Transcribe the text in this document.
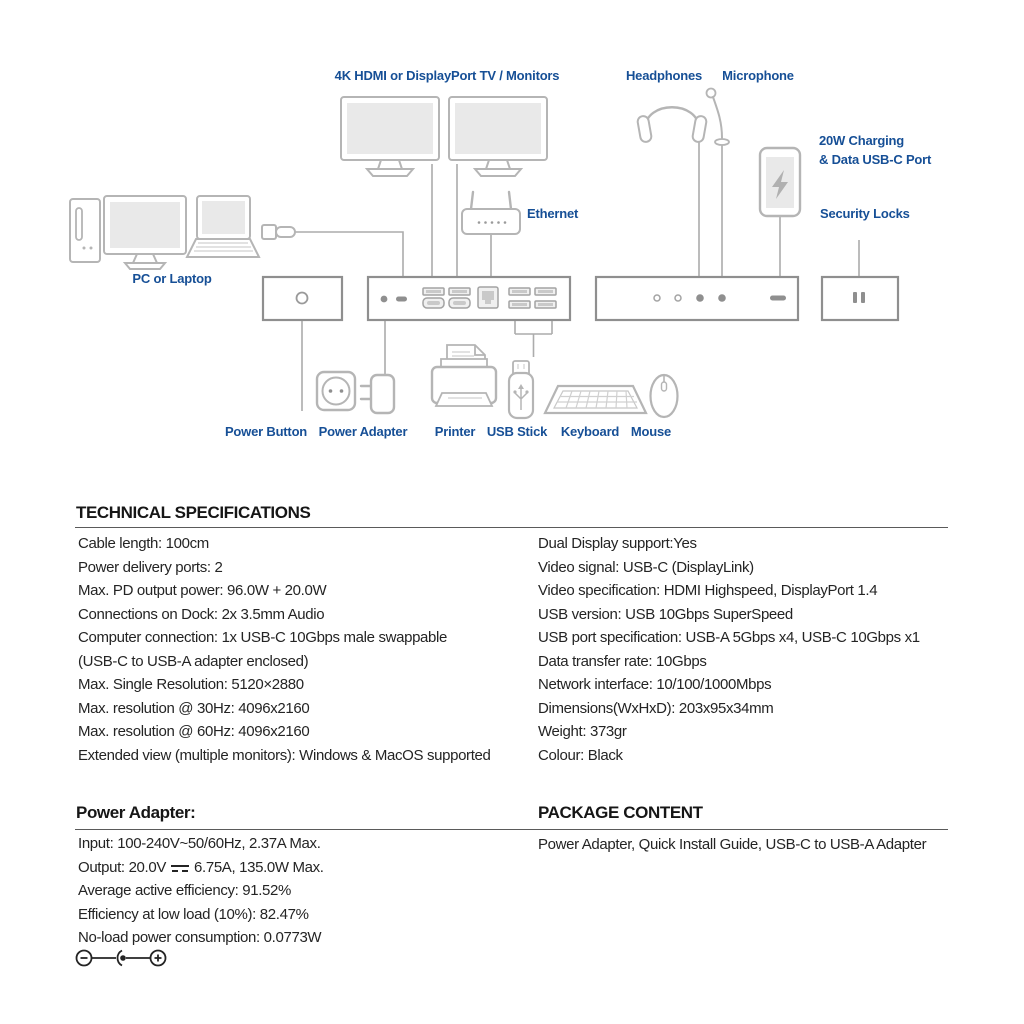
4K HDMI or DisplayPort TV / Monitors	Headphones Microphone
20W Charging
& Data USB-C Port
Ethernet	Security Locks
PC or Laptop
Power Button Power Adapter Printer USB Stick Keyboard Mouse
TECHNICAL SPECIFICATIONS
Cable length: 100cm
Power delivery ports: 2
Max. PD output power: 96.0W + 20.0W
Connections on Dock: 2x 3.5mm Audio
Computer connection: 1x USB-C 10Gbps male swappable
(USB-C to USB-A adapter enclosed)
Max. Single Resolution: 5120×2880
Max. resolution @ 30Hz: 4096x2160
Max. resolution @ 60Hz: 4096x2160
Extended view (multiple monitors): Windows & MacOS supported
Dual Display support:Yes
Video signal: USB-C (DisplayLink)
Video specification: HDMI Highspeed, DisplayPort 1.4
USB version: USB 10Gbps SuperSpeed
USB port specification: USB-A 5Gbps x4, USB-C 10Gbps x1
Data transfer rate: 10Gbps
Network interface: 10/100/1000Mbps
Dimensions(WxHxD): 203x95x34mm
Weight: 373gr
Colour: Black
Power Adapter:	PACKAGE CONTENT
Input: 100-240V~50/60Hz, 2.37A Max.
Output: 20.0V 6.75A, 135.0W Max.
Average active efficiency: 91.52%
Efficiency at low load (10%): 82.47%
No-load power consumption: 0.0773W
Power Adapter, Quick Install Guide, USB-C to USB-A Adapter
